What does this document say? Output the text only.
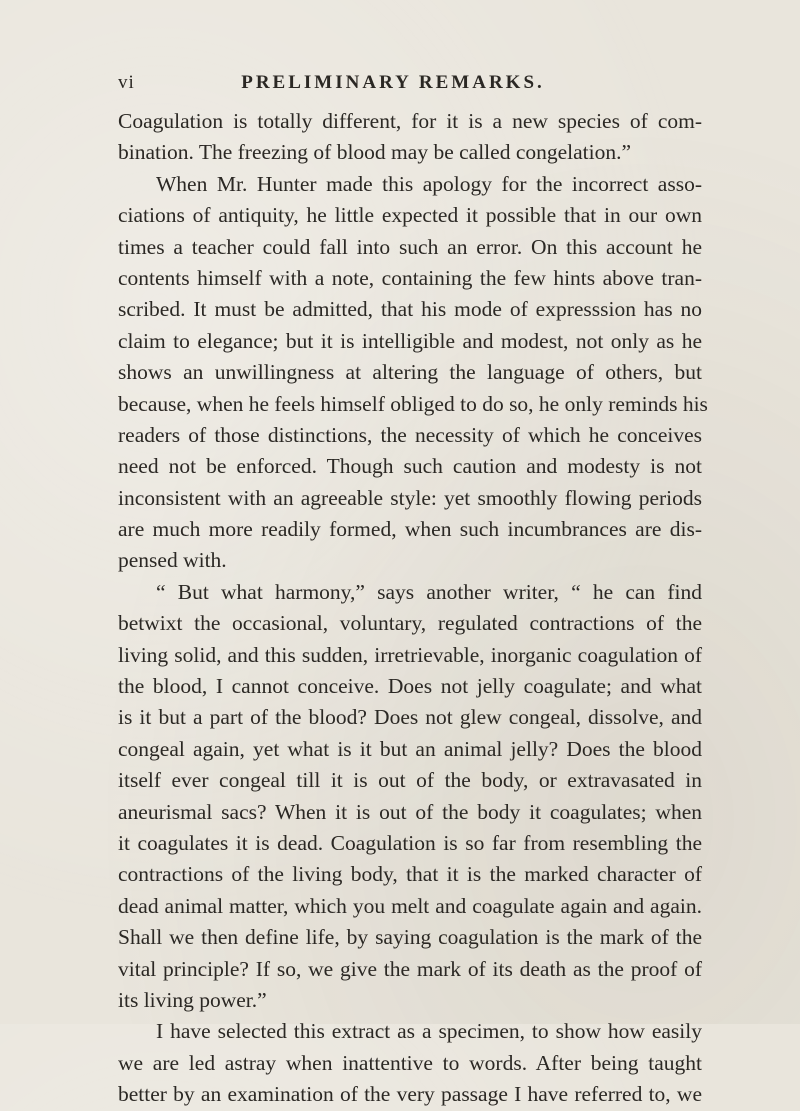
vi	PRELIMINARY REMARKS.
Coagulation is totally different, for it is a new species of com-
bination. The freezing of blood may be called congelation.”
When Mr. Hunter made this apology for the incorrect asso-
ciations of antiquity, he little expected it possible that in our own
times a teacher could fall into such an error. On this account he
contents himself with a note, containing the few hints above tran-
scribed. It must be admitted, that his mode of expresssion has no
claim to elegance; but it is intelligible and modest, not only as he
shows an unwillingness at altering the language of others, but
because, when he feels himself obliged to do so, he only reminds his
readers of those distinctions, the necessity of which he conceives
need not be enforced. Though such caution and modesty is not
inconsistent with an agreeable style: yet smoothly flowing periods
are much more readily formed, when such incumbrances are dis-
pensed with.
“ But what harmony,” says another writer, “ he can find
betwixt the occasional, voluntary, regulated contractions of the
living solid, and this sudden, irretrievable, inorganic coagulation of
the blood, I cannot conceive. Does not jelly coagulate; and what
is it but a part of the blood? Does not glew congeal, dissolve, and
congeal again, yet what is it but an animal jelly? Does the blood
itself ever congeal till it is out of the body, or extravasated in
aneurismal sacs? When it is out of the body it coagulates; when
it coagulates it is dead. Coagulation is so far from resembling the
contractions of the living body, that it is the marked character of
dead animal matter, which you melt and coagulate again and again.
Shall we then define life, by saying coagulation is the mark of the
vital principle? If so, we give the mark of its death as the proof of
its living power.”
I have selected this extract as a specimen, to show how easily
we are led astray when inattentive to words. After being taught
better by an examination of the very passage I have referred to, we
